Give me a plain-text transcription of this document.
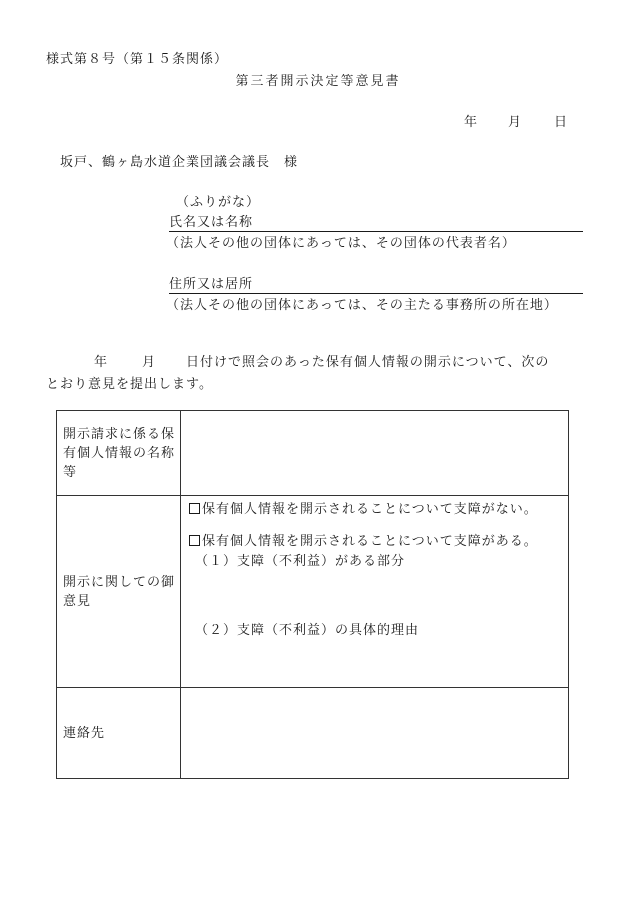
様式第８号（第１５条関係）
第三者開示決定等意見書
年 月 日
坂戸、鶴ヶ島水道企業団議会議長　様
（ふりがな）
氏名又は名称
（法人その他の団体にあっては、その団体の代表者名）
住所又は居所
（法人その他の団体にあっては、その主たる事務所の所在地）
年	月 日付けで照会のあった保有個人情報の開示について、次の
とおり意見を提出します。
開示請求に係る保有個人情報の名称等	
開示に関しての御意見	保有個人情報を開示されることについて支障がない。
保有個人情報を開示されることについて支障がある。
（１）支障（不利益）がある部分
（２）支障（不利益）の具体的理由

連絡先	
